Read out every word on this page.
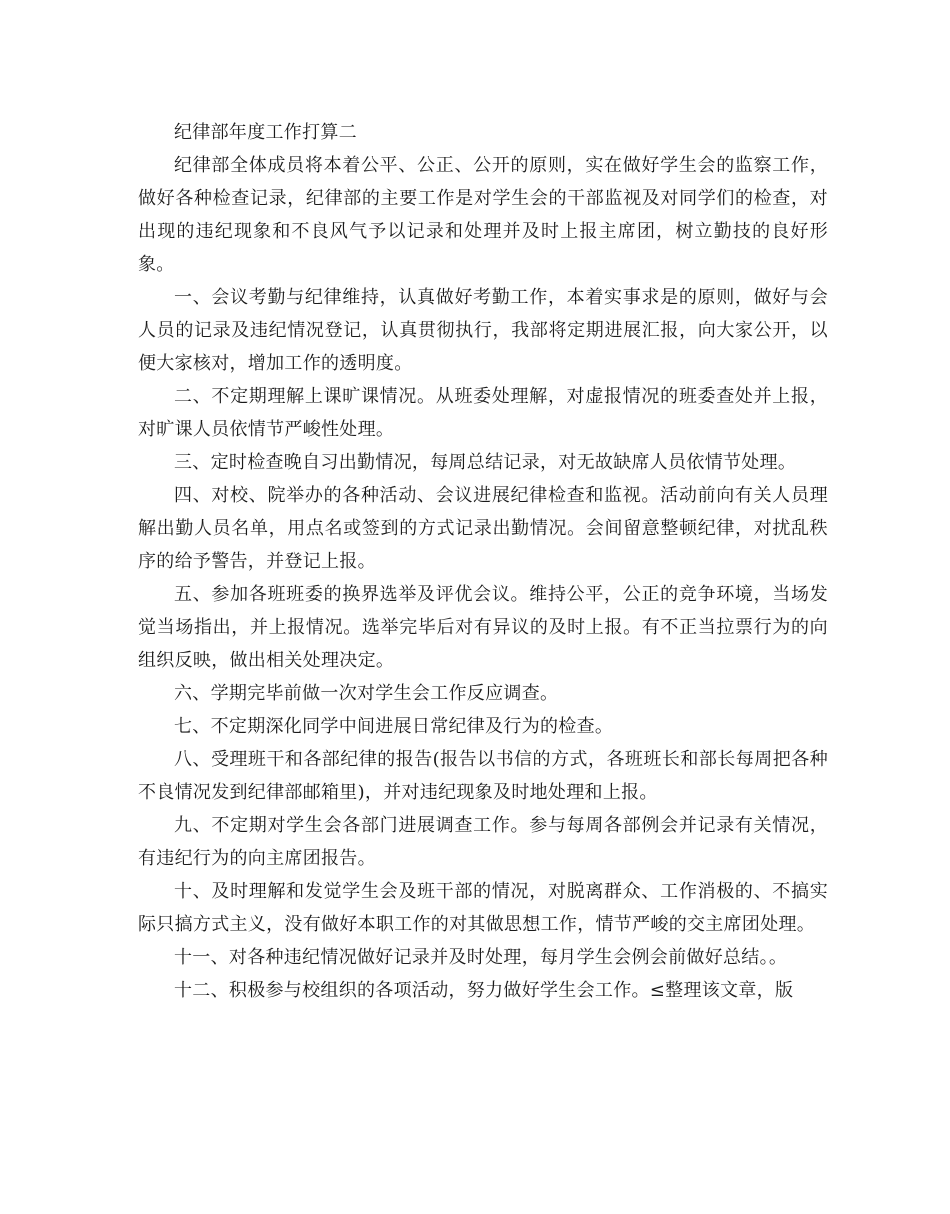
纪律部年度工作打算二

纪律部全体成员将本着公平、公正、公开的原则，实在做好学生会的监察工作，做好各种检查记录，纪律部的主要工作是对学生会的干部监视及对同学们的检查，对出现的违纪现象和不良风气予以记录和处理并及时上报主席团，树立勤技的良好形象。

一、会议考勤与纪律维持，认真做好考勤工作，本着实事求是的原则，做好与会人员的记录及违纪情况登记，认真贯彻执行，我部将定期进展汇报，向大家公开，以便大家核对，增加工作的透明度。

二、不定期理解上课旷课情况。从班委处理解，对虚报情况的班委查处并上报，对旷课人员依情节严峻性处理。

三、定时检查晚自习出勤情况，每周总结记录，对无故缺席人员依情节处理。

四、对校、院举办的各种活动、会议进展纪律检查和监视。活动前向有关人员理解出勤人员名单，用点名或签到的方式记录出勤情况。会间留意整顿纪律，对扰乱秩序的给予警告，并登记上报。

五、参加各班班委的换界选举及评优会议。维持公平，公正的竞争环境，当场发觉当场指出，并上报情况。选举完毕后对有异议的及时上报。有不正当拉票行为的向组织反映，做出相关处理决定。

六、学期完毕前做一次对学生会工作反应调查。

七、不定期深化同学中间进展日常纪律及行为的检查。

八、受理班干和各部纪律的报告(报告以书信的方式，各班班长和部长每周把各种不良情况发到纪律部邮箱里)，并对违纪现象及时地处理和上报。

九、不定期对学生会各部门进展调查工作。参与每周各部例会并记录有关情况，有违纪行为的向主席团报告。

十、及时理解和发觉学生会及班干部的情况，对脱离群众、工作消极的、不搞实际只搞方式主义，没有做好本职工作的对其做思想工作，情节严峻的交主席团处理。

十一、对各种违纪情况做好记录并及时处理，每月学生会例会前做好总结。。

十二、积极参与校组织的各项活动，努力做好学生会工作。≤整理该文章，版
